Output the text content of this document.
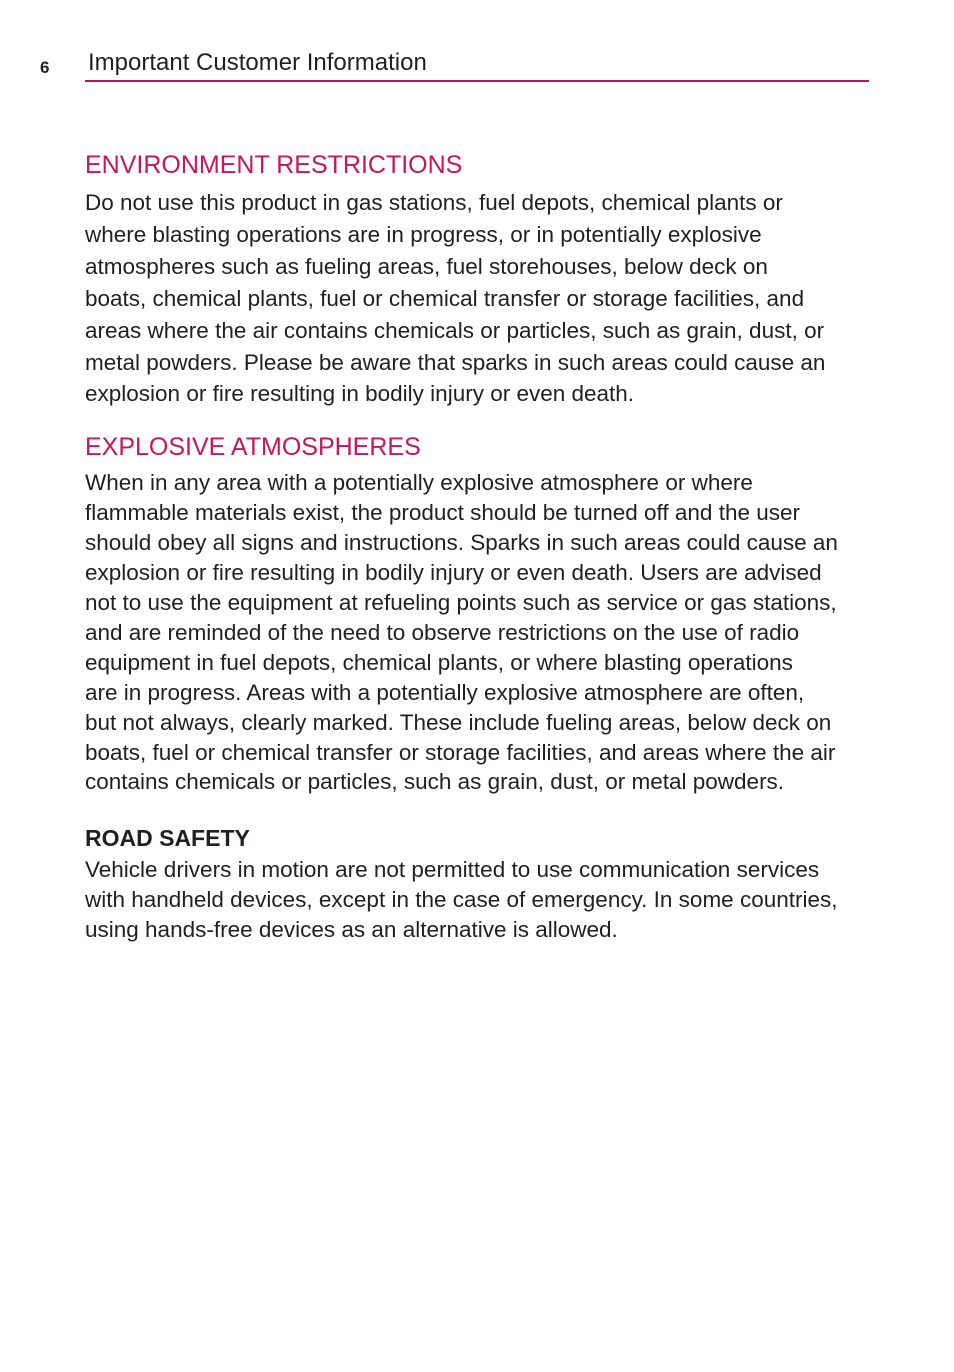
6 Important Customer Information
ENVIRONMENT RESTRICTIONS

Do not use this product in gas stations, fuel depots, chemical plants or
where blasting operations are in progress, or in potentially explosive
atmospheres such as fueling areas, fuel storehouses, below deck on
boats, chemical plants, fuel or chemical transfer or storage facilities, and
areas where the air contains chemicals or particles, such as grain, dust, or
metal powders. Please be aware that sparks in such areas could cause an
explosion or fire resulting in bodily injury or even death.

EXPLOSIVE ATMOSPHERES

When in any area with a potentially explosive atmosphere or where
flammable materials exist, the product should be turned off and the user
should obey all signs and instructions. Sparks in such areas could cause an
explosion or fire resulting in bodily injury or even death. Users are advised
not to use the equipment at refueling points such as service or gas stations,
and are reminded of the need to observe restrictions on the use of radio
equipment in fuel depots, chemical plants, or where blasting operations
are in progress. Areas with a potentially explosive atmosphere are often,
but not always, clearly marked. These include fueling areas, below deck on
boats, fuel or chemical transfer or storage facilities, and areas where the air
contains chemicals or particles, such as grain, dust, or metal powders.

ROAD SAFETY

Vehicle drivers in motion are not permitted to use communication services
with handheld devices, except in the case of emergency. In some countries,
using hands-free devices as an alternative is allowed.
